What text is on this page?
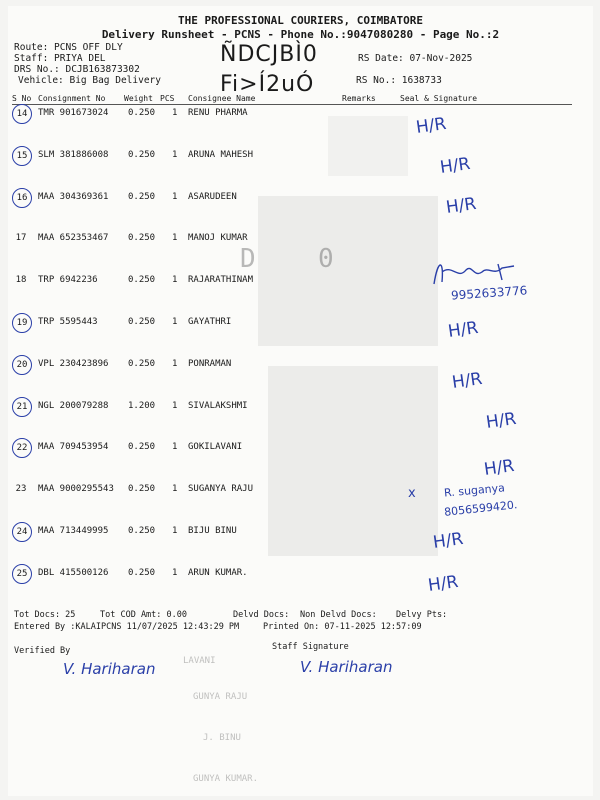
THE PROFESSIONAL COURIERS, COIMBATORE
Delivery Runsheet - PCNS - Phone No.:9047080280 - Page No.:2
Route: PCNS OFF DLY
Staff: PRIYA DEL
DRS No.: DCJB163873302
Vehicle: Big Bag Delivery
ÑDCJBÌ0
Fi>Í2uÓ
RS Date: 07-Nov-2025
RS No.: 1638733
S No Consignment No Weight PCS Consignee Name	Remarks	Seal & Signature
14	TMR 901673024 0.250 1 RENU PHARMA
15	SLM 381886008 0.250 1 ARUNA MAHESH
16	MAA 304369361 0.250 1 ASARUDEEN
17	MAA 652353467 0.250 1 MANOJ KUMAR
18	TRP 6942236	0.250 1 RAJARATHINAM
19	TRP 5595443	0.250 1 GAYATHRI
20	VPL 230423896 0.250 1 PONRAMAN
21	NGL 200079288 1.200 1 SIVALAKSHMI
22	MAA 709453954 0.250 1 GOKILAVANI
23	MAA 9000295543 0.250 1 SUGANYA RAJU
24	MAA 713449995 0.250 1 BIJU BINU
25	DBL 415500126 0.250 1 ARUN KUMAR.
D 0
H/R
H/R
H/R
H/R
H/R
H/R
H/R
H/R
H/R
9952633776
x	R. suganya
8056599420.
Tot Docs: 25	Tot COD Amt: 0.00	Delvd Docs: Non Delvd Docs: Delvy Pts:
Entered By :KALAIPCNS 11/07/2025 12:43:29 PM	Printed On: 07-11-2025 12:57:09
Verified By	Staff Signature
V. Hariharan	V. Hariharan
LAVANI
GUNYA RAJU
J. BINU
GUNYA KUMAR.
